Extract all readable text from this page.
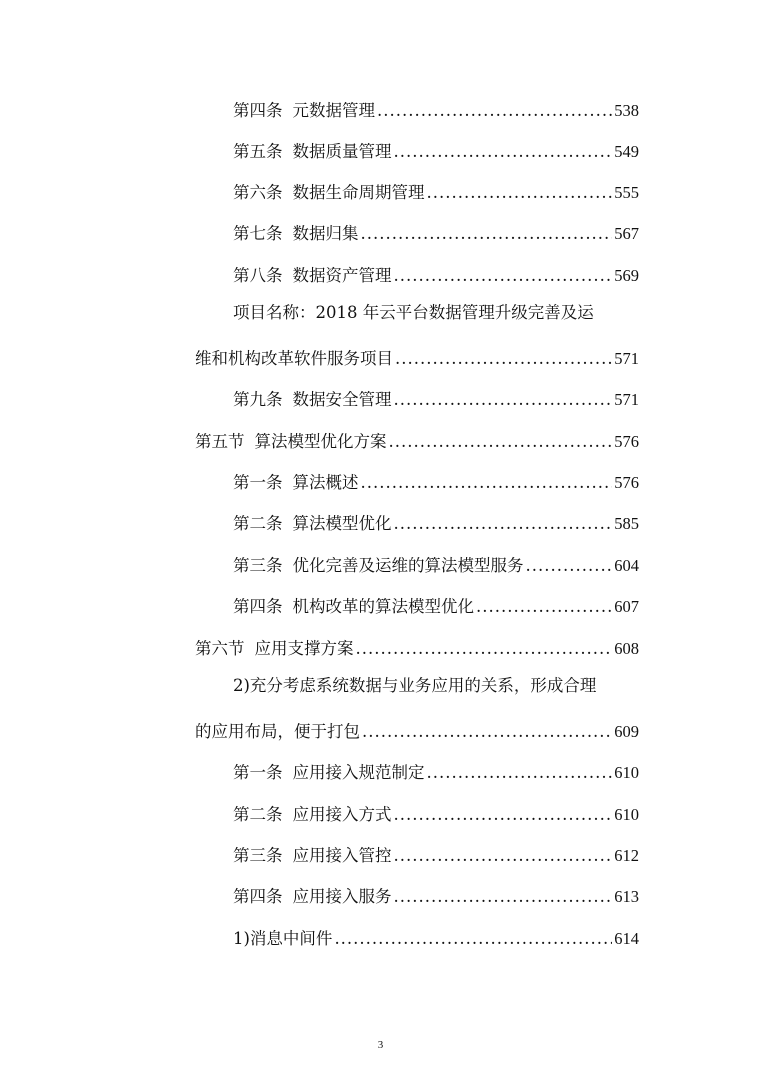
第四条 元数据管理 .....	538
第五条 数据质量管理 .....	549
第六条 数据生命周期管理 .....	555
第七条 数据归集 .....	567
第八条 数据资产管理 .....	569
项目名称：2018 年云平台数据管理升级完善及运
维和机构改革软件服务项目 .....	571
第九条 数据安全管理 .....	571
第五节 算法模型优化方案 .....	576
第一条 算法概述 .....	576
第二条 算法模型优化 .....	585
第三条 优化完善及运维的算法模型服务 .....	604
第四条 机构改革的算法模型优化 .....	607
第六节 应用支撑方案 .....	608
2)充分考虑系统数据与业务应用的关系，形成合理
的应用布局，便于打包 .....	609
第一条 应用接入规范制定 .....	610
第二条 应用接入方式 .....	610
第三条 应用接入管控 .....	612
第四条 应用接入服务 .....	613
1)消息中间件 .....	614
3
